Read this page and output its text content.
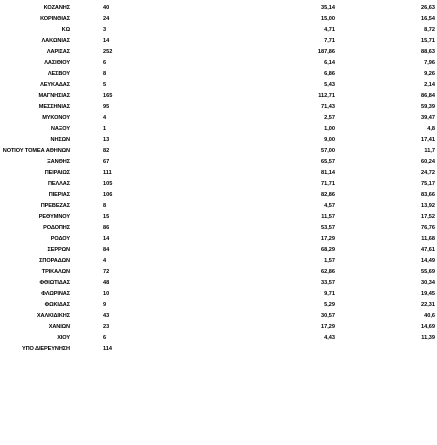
ΚΟΖΑΝΗΣ	40	35,14	26,63
ΚΟΡΙΝΘΙΑΣ	24	15,00	16,54
ΚΩ	3	4,71	8,72
ΛΑΚΩΝΙΑΣ	14	7,71	15,71
ΛΑΡΙΣΑΣ	252	187,86	88,63
ΛΑΣΙΘΙΟΥ	6	6,14	7,96
ΛΕΣΒΟΥ	8	6,86	9,26
ΛΕΥΚΑΔΑΣ	5	5,43	2,14
ΜΑΓΝΗΣΙΑΣ	165	112,71	86,84
ΜΕΣΣΗΝΙΑΣ	95	71,43	59,39
ΜΥΚΟΝΟΥ	4	2,57	39,47
ΝΑΞΟΥ	1	1,00	4,8
ΝΗΣΩΝ	13	9,00	17,41
ΝΟΤΙΟΥ ΤΟΜΕΑ ΑΘΗΝΩΝ	82	57,00	11,7
ΞΑΝΘΗΣ	67	65,57	60,24
ΠΕΙΡΑΙΩΣ	111	81,14	24,72
ΠΕΛΛΑΣ	105	71,71	75,17
ΠΙΕΡΙΑΣ	106	82,86	83,66
ΠΡΕΒΕΖΑΣ	8	4,57	13,92
ΡΕΘΥΜΝΟΥ	15	11,57	17,52
ΡΟΔΟΠΗΣ	86	53,57	76,76
ΡΟΔΟΥ	14	17,29	11,68
ΣΕΡΡΩΝ	84	68,29	47,61
ΣΠΟΡΑΔΩΝ	4	1,57	14,49
ΤΡΙΚΑΛΩΝ	72	62,86	55,69
ΦΘΙΩΤΙΔΑΣ	48	33,57	30,34
ΦΛΩΡΙΝΑΣ	10	9,71	19,45
ΦΩΚΙΔΑΣ	9	5,29	22,31
ΧΑΛΚΙΔΙΚΗΣ	43	30,57	40,6
ΧΑΝΙΩΝ	23	17,29	14,69
ΧΙΟΥ	6	4,43	11,39
ΥΠΟ ΔΙΕΡΕΥΝΗΣΗ	114
